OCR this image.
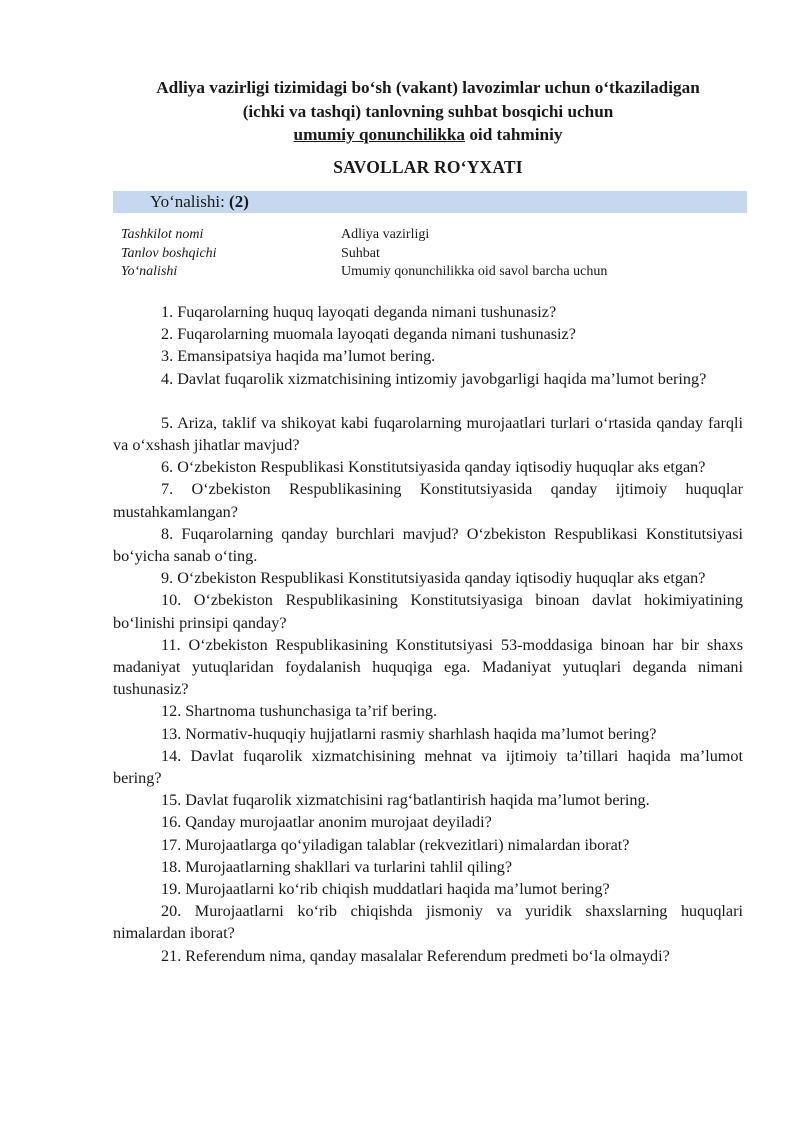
Adliya vazirligi tizimidagi bo‘sh (vakant) lavozimlar uchun o‘tkaziladigan
(ichki va tashqi) tanlovning suhbat bosqichi uchun
umumiy qonunchilikka oid tahminiy
SAVOLLAR RO‘YXATI
Yo‘nalishi: (2)
Tashkilot nomi	Adliya vazirligi
Tanlov boshqichi	Suhbat
Yo‘nalishi	Umumiy qonunchilikka oid savol barcha uchun

1. Fuqarolarning huquq layoqati deganda nimani tushunasiz?

2. Fuqarolarning muomala layoqati deganda nimani tushunasiz?

3. Emansipatsiya haqida ma’lumot bering.

4. Davlat fuqarolik xizmatchisining intizomiy javobgarligi haqida ma’lumot bering?

5. Ariza, taklif va shikoyat kabi fuqarolarning murojaatlari turlari o‘rtasida qanday farqli va o‘xshash jihatlar mavjud?

6. O‘zbekiston Respublikasi Konstitutsiyasida qanday iqtisodiy huquqlar aks etgan?

7. O‘zbekiston Respublikasining Konstitutsiyasida qanday ijtimoiy huquqlar mustahkamlangan?

8. Fuqarolarning qanday burchlari mavjud? O‘zbekiston Respublikasi Konstitutsiyasi bo‘yicha sanab o‘ting.

9. O‘zbekiston Respublikasi Konstitutsiyasida qanday iqtisodiy huquqlar aks etgan?

10. O‘zbekiston Respublikasining Konstitutsiyasiga binoan davlat hokimiyatining bo‘linishi prinsipi qanday?

11. O‘zbekiston Respublikasining Konstitutsiyasi 53-moddasiga binoan har bir shaxs madaniyat yutuqlaridan foydalanish huquqiga ega. Madaniyat yutuqlari deganda nimani tushunasiz?

12. Shartnoma tushunchasiga ta’rif bering.

13. Normativ-huquqiy hujjatlarni rasmiy sharhlash haqida ma’lumot bering?

14. Davlat fuqarolik xizmatchisining mehnat va ijtimoiy ta’tillari haqida ma’lumot bering?

15. Davlat fuqarolik xizmatchisini rag‘batlantirish haqida ma’lumot bering.

16. Qanday murojaatlar anonim murojaat deyiladi?

17. Murojaatlarga qo‘yiladigan talablar (rekvezitlari) nimalardan iborat?

18. Murojaatlarning shakllari va turlarini tahlil qiling?

19. Murojaatlarni ko‘rib chiqish muddatlari haqida ma’lumot bering?

20. Murojaatlarni ko‘rib chiqishda jismoniy va yuridik shaxslarning huquqlari nimalardan iborat?

21. Referendum nima, qanday masalalar Referendum predmeti bo‘la olmaydi?
